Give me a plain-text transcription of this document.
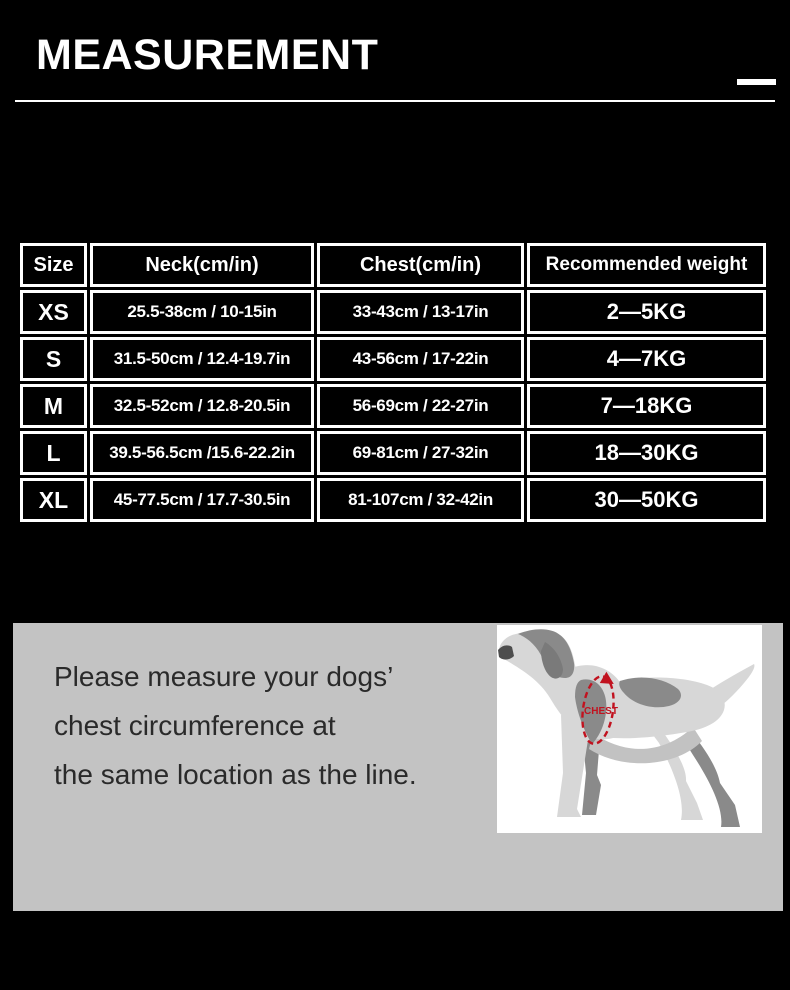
MEASUREMENT
Size	Neck(cm/in)	Chest(cm/in)	Recommended weight
XS	25.5-38cm / 10-15in	33-43cm / 13-17in	2—5KG
S	31.5-50cm / 12.4-19.7in	43-56cm / 17-22in	4—7KG
M	32.5-52cm / 12.8-20.5in	56-69cm / 22-27in	7—18KG
L	39.5-56.5cm /15.6-22.2in	69-81cm / 27-32in	18—30KG
XL	45-77.5cm / 17.7-30.5in	81-107cm / 32-42in	30—50KG
Please measure your dogs’
chest circumference at
the same location as the line.
CHEST
